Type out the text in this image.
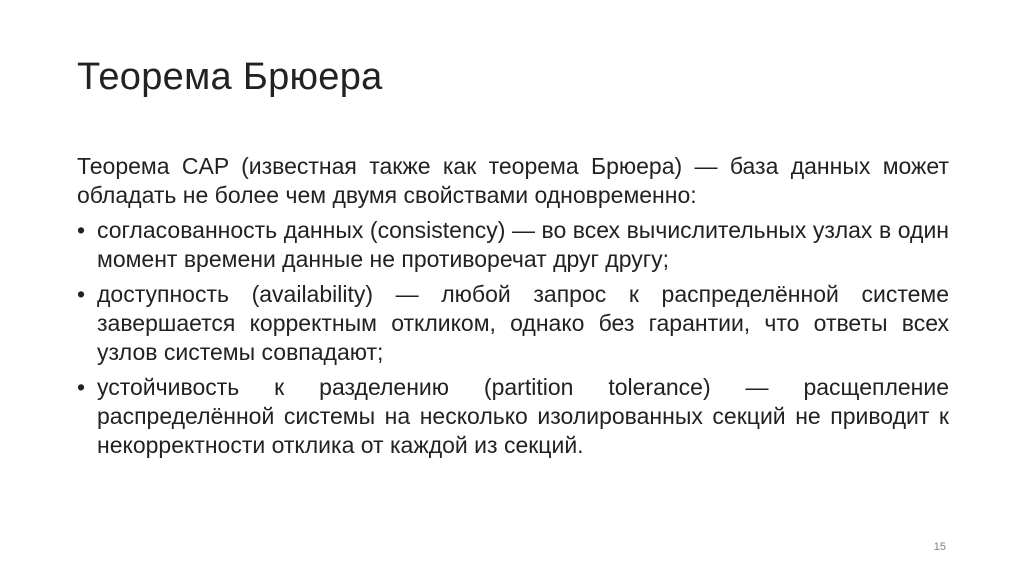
Теорема Брюера

Теорема CAP (известная также как теорема Брюера) — база данных может обладать не более чем двумя свойствами одновременно:

• согласованность данных (consistency) — во всех вычислительных узлах в один момент времени данные не противоречат друг другу;
• доступность (availability) — любой запрос к распределённой системе завершается корректным откликом, однако без гарантии, что ответы всех узлов системы совпадают;
• устойчивость к разделению (partition tolerance) — расщепление распределённой системы на несколько изолированных секций не приводит к некорректности отклика от каждой из секций.
15
